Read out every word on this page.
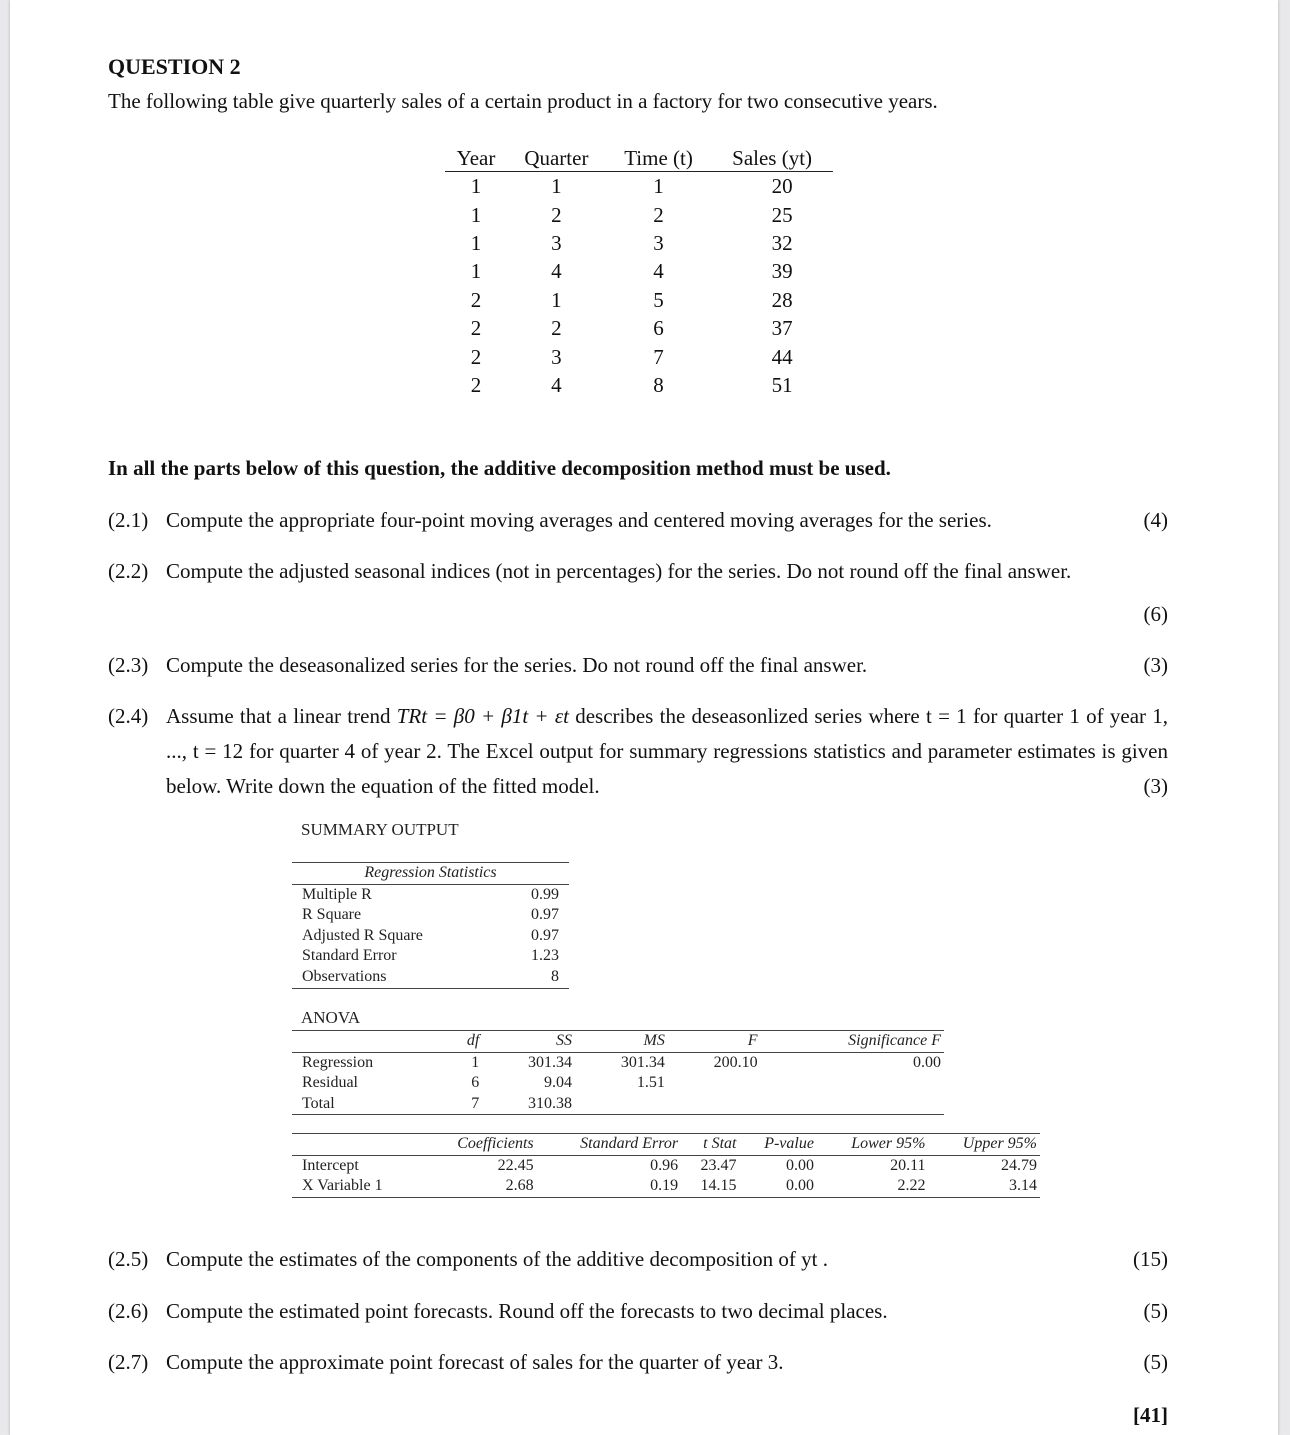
QUESTION 2
The following table give quarterly sales of a certain product in a factory for two consecutive years.
Year	Quarter	Time (t)	Sales (yt)
1	1	1	20
1	2	2	25
1	3	3	32
1	4	4	39
2	1	5	28
2	2	6	37
2	3	7	44
2	4	8	51
In all the parts below of this question, the additive decomposition method must be used.
(2.1) Compute the appropriate four-point moving averages and centered moving averages for the series.	(4)
(2.2) Compute the adjusted seasonal indices (not in percentages) for the series. Do not round off the final answer.
(6)
(2.3) Compute the deseasonalized series for the series. Do not round off the final answer.	(3)
(2.4) Assume that a linear trend TRt = β0 + β1t + εt describes the deseasonlized series where t = 1 for quarter 1 of year 1, ..., t = 12 for quarter 4 of year 2. The Excel output for summary regressions statistics and parameter estimates is given below. Write down the equation of the fitted model.	(3)
SUMMARY OUTPUT
Regression Statistics	
Multiple R	0.99
R Square	0.97
Adjusted R Square	0.97
Standard Error	1.23
Observations	8
ANOVA
	df	SS	MS	F	Significance F
Regression	1	301.34	301.34	200.10	0.00
Residual	6	9.04	1.51		
Total	7	310.38			
	Coefficients	Standard Error	t Stat	P-value	Lower 95%	Upper 95%
Intercept	22.45	0.96	23.47	0.00	20.11	24.79
X Variable 1	2.68	0.19	14.15	0.00	2.22	3.14
(2.5) Compute the estimates of the components of the additive decomposition of yt .	(15)
(2.6) Compute the estimated point forecasts. Round off the forecasts to two decimal places.	(5)
(2.7) Compute the approximate point forecast of sales for the quarter of year 3.	(5)
[41]
